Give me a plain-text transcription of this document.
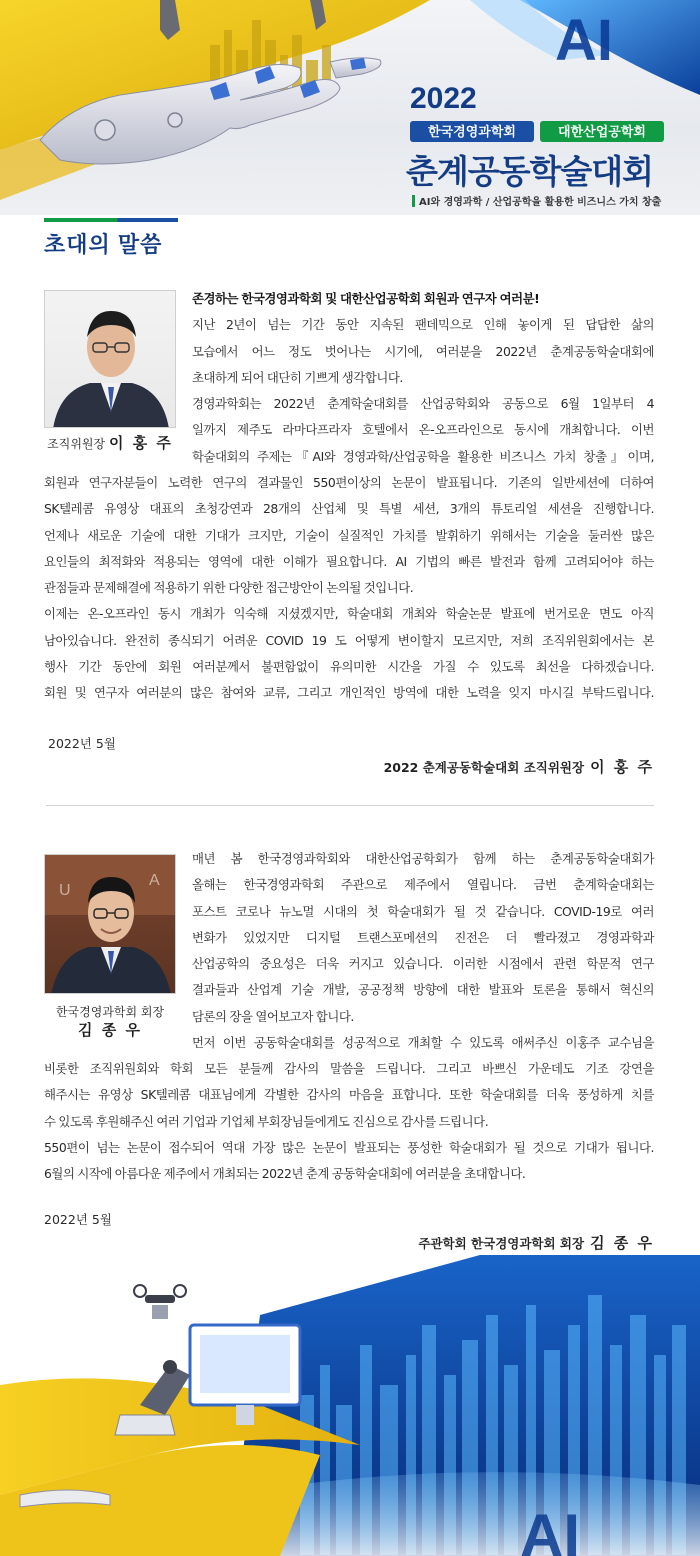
AI
2022
한국경영과학회	대한산업공학회
춘계공동학술대회
AI와 경영과학 / 산업공학을 활용한 비즈니스 가치 창출
초대의 말씀
조직위원장 이 홍 주
존경하는 한국경영과학회 및 대한산업공학회 회원과 연구자 여러분!
지난 2년이 넘는 기간 동안 지속된 팬데믹으로 인해 놓이게 된 답답한 삶의
모습에서 어느 정도 벗어나는 시기에, 여러분을 2022년 춘계공동학술대회에
초대하게 되어 대단히 기쁘게 생각합니다.
경영과학회는 2022년 춘계학술대회를 산업공학회와 공동으로 6월 1일부터 4
일까지 제주도 라마다프라자 호텔에서 온-오프라인으로 동시에 개최합니다. 이번
학술대회의 주제는『AI와 경영과학/산업공학을 활용한 비즈니스 가치 창출』이며,
회원과 연구자분들이 노력한 연구의 결과물인 550편이상의 논문이 발표됩니다. 기존의 일반세션에 더하여
SK텔레콤 유영상 대표의 초청강연과 28개의 산업체 및 특별 세션, 3개의 튜토리얼 세션을 진행합니다.
언제나 새로운 기술에 대한 기대가 크지만, 기술이 실질적인 가치를 발휘하기 위해서는 기술을 둘러싼 많은
요인들의 최적화와 적용되는 영역에 대한 이해가 필요합니다. AI 기법의 빠른 발전과 함께 고려되어야 하는
관점들과 문제해결에 적용하기 위한 다양한 접근방안이 논의될 것입니다.
이제는 온-오프라인 동시 개최가 익숙해 지셨겠지만, 학술대회 개최와 학술논문 발표에 번거로운 면도 아직
남아있습니다. 완전히 종식되기 어려운 COVID 19 도 어떻게 변이할지 모르지만, 저희 조직위원회에서는 본
행사 기간 동안에 회원 여러분께서 불편함없이 유의미한 시간을 가질 수 있도록 최선을 다하겠습니다.
회원 및 연구자 여러분의 많은 참여와 교류, 그리고 개인적인 방역에 대한 노력을 잊지 마시길 부탁드립니다.
2022년 5월
2022 춘계공동학술대회 조직위원장 이 홍 주
U
A
한국경영과학회 회장
김 종 우
매년 봄 한국경영과학회와 대한산업공학회가 함께 하는 춘계공동학술대회가
올해는 한국경영과학회 주관으로 제주에서 열립니다. 금번 춘계학술대회는
포스트 코로나 뉴노멀 시대의 첫 학술대회가 될 것 같습니다. COVID-19로 여러
변화가 있었지만 디지털 트랜스포메션의 진전은 더 빨라졌고 경영과학과
산업공학의 중요성은 더욱 커지고 있습니다. 이러한 시점에서 관련 학문적 연구
결과들과 산업계 기술 개발, 공공정책 방향에 대한 발표와 토론을 통해서 혁신의
담론의 장을 열어보고자 합니다.
먼저 이번 공동학술대회를 성공적으로 개최할 수 있도록 애써주신 이홍주 교수님을
비롯한 조직위원회와 학회 모든 분들께 감사의 말씀을 드립니다. 그리고 바쁘신 가운데도 기조 강연을
해주시는 유영상 SK텔레콤 대표님에게 각별한 감사의 마음을 표합니다. 또한 학술대회를 더욱 풍성하게 치를
수 있도록 후원해주신 여러 기업과 기업체 부회장님들에게도 진심으로 감사를 드립니다.
550편이 넘는 논문이 접수되어 역대 가장 많은 논문이 발표되는 풍성한 학술대회가 될 것으로 기대가 됩니다.
6월의 시작에 아름다운 제주에서 개최되는 2022년 춘계 공동학술대회에 여러분을 초대합니다.
2022년 5월
주관학회 한국경영과학회 회장 김 종 우
AI
